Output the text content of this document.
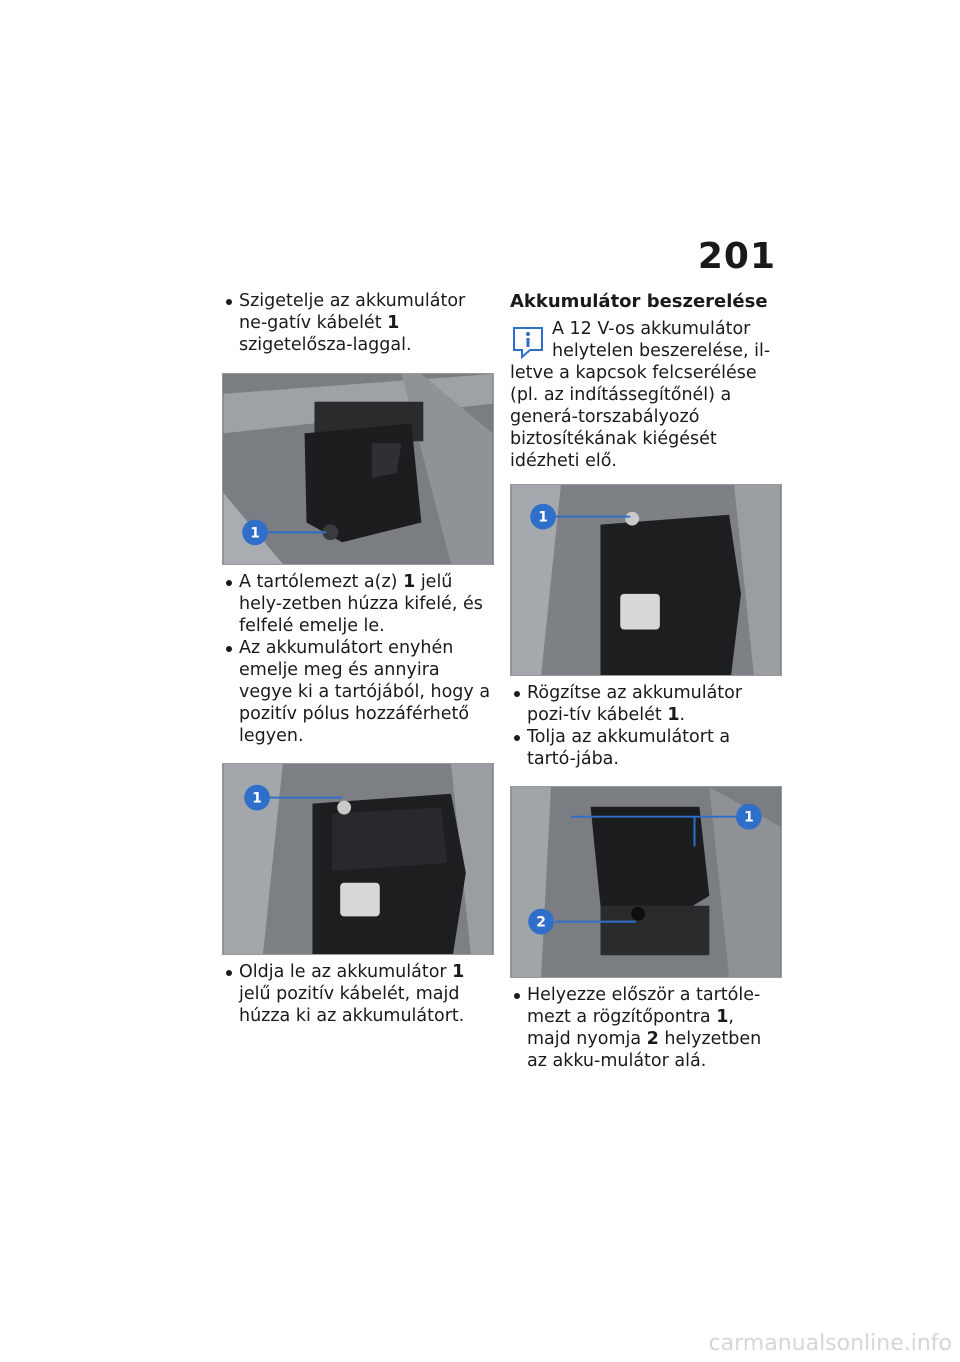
201

Szigetelje az akkumulátor ne-gatív kábelét 1 szigetelősza-laggal.

1

A tartólemezt a(z) 1 jelű hely-zetben húzza kifelé, és felfelé emelje le.

Az akkumulátort enyhén emelje meg és annyira vegye ki a tartójából, hogy a pozitív pólus hozzáférhető legyen.

1

Oldja le az akkumulátor 1 jelű pozitív kábelét, majd húzza ki az akkumulátort.

Akkumulátor beszerelése
A 12 V-os akkumulátor helytelen beszerelése, il-
letve a kapcsok felcserélése (pl. az indítássegítőnél) a generá-torszabályozó biztosítékának kiégését idézheti elő.
1

Rögzítse az akkumulátor pozi-tív kábelét 1.

Tolja az akkumulátort a tartó-jába.

1
2

Helyezze először a tartóle-mezt a rögzítőpontra 1, majd nyomja 2 helyzetben az akku-mulátor alá.

carmanualsonline.info
